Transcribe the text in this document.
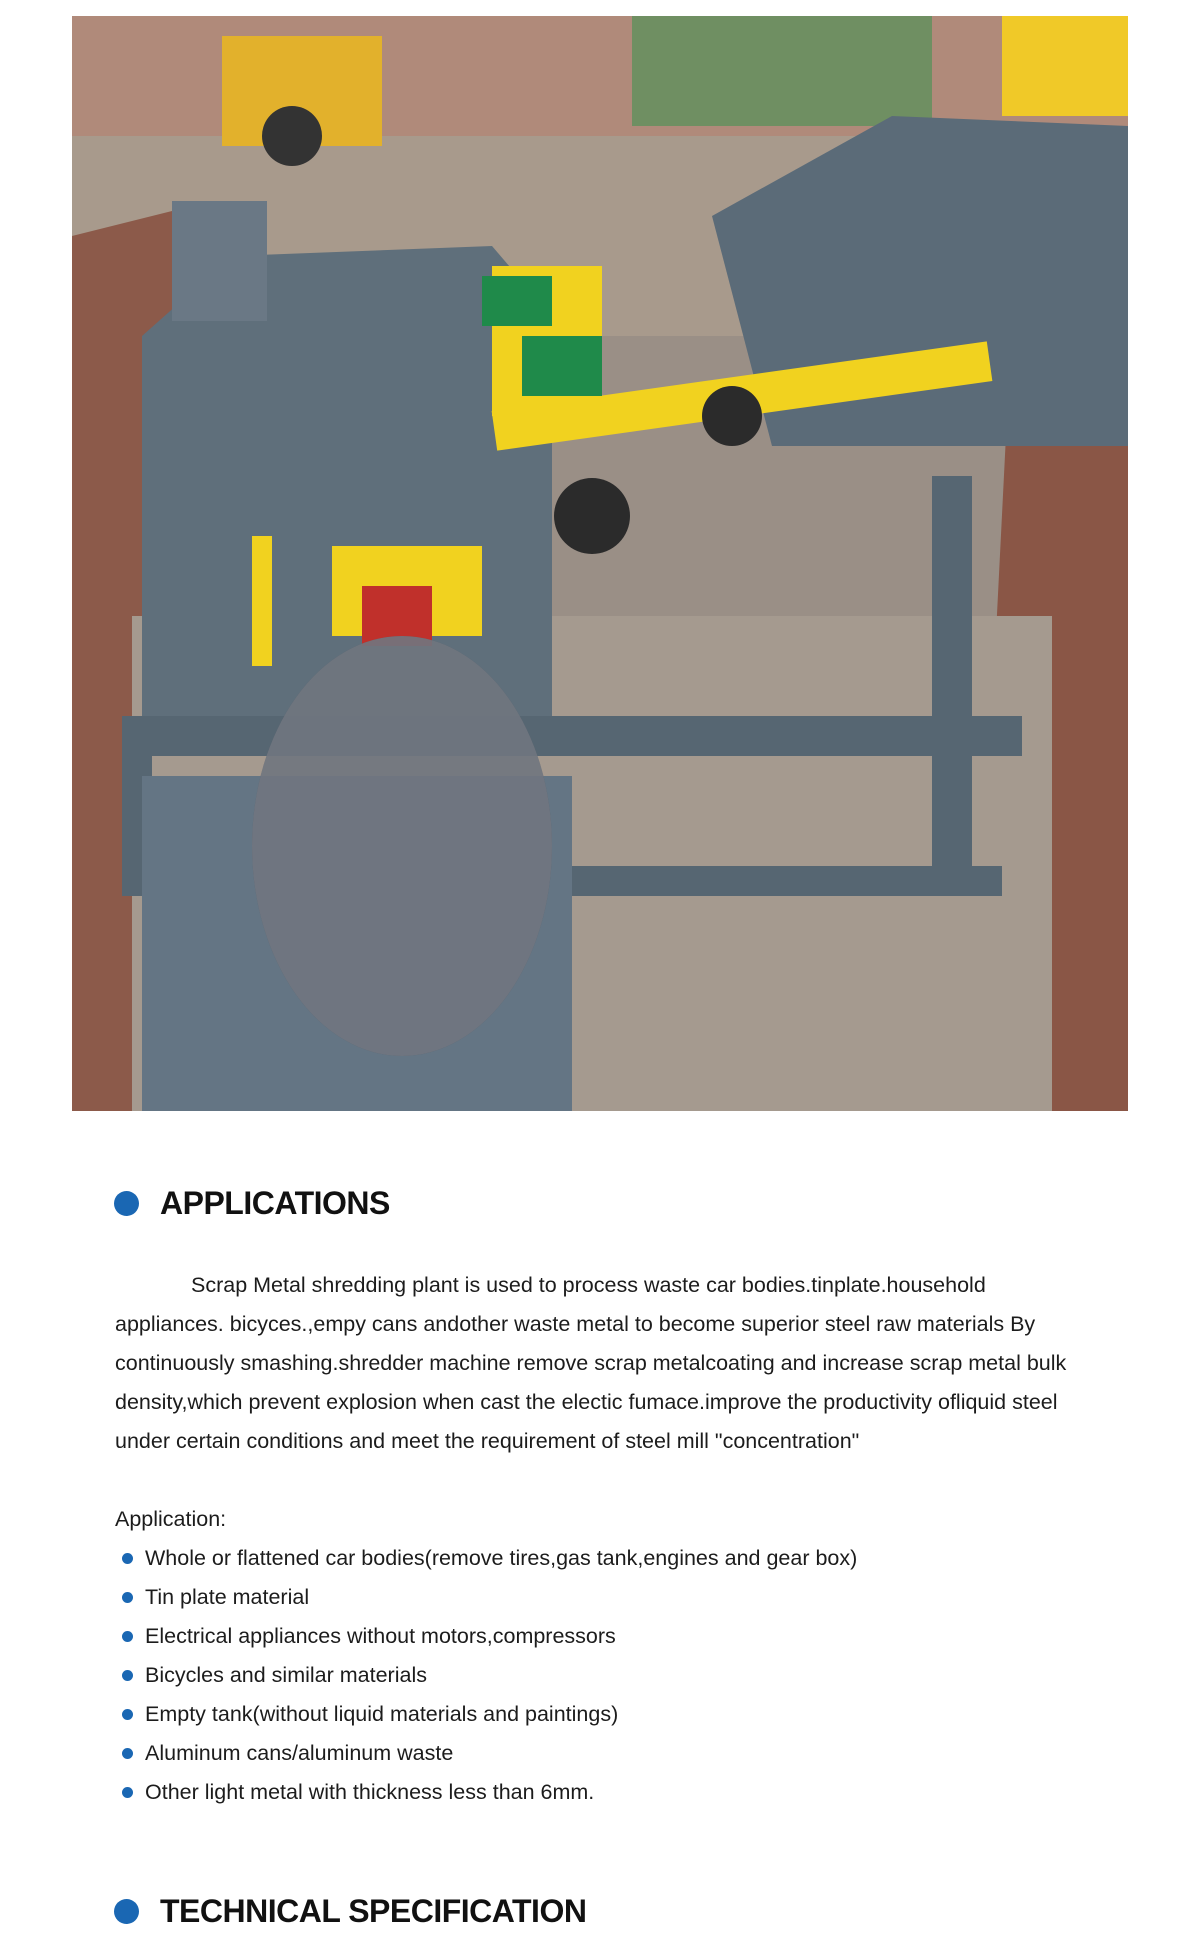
APPLICATIONS

Scrap Metal shredding plant is used to process waste car bodies.tinplate.household appliances. bicyces.,empy cans andother waste metal to become superior steel raw materials By continuously smashing.shredder machine remove scrap metalcoating and increase scrap metal bulk density,which prevent explosion when cast the electic fumace.improve the productivity ofliquid steel under certain conditions and meet the requirement of steel mill "concentration"

Application:
Whole or flattened car bodies(remove tires,gas tank,engines and gear box)
Tin plate material
Electrical appliances without motors,compressors
Bicycles and similar materials
Empty tank(without liquid materials and paintings)
Aluminum cans/aluminum waste
Other light metal with thickness less than 6mm.
TECHNICAL SPECIFICATION
